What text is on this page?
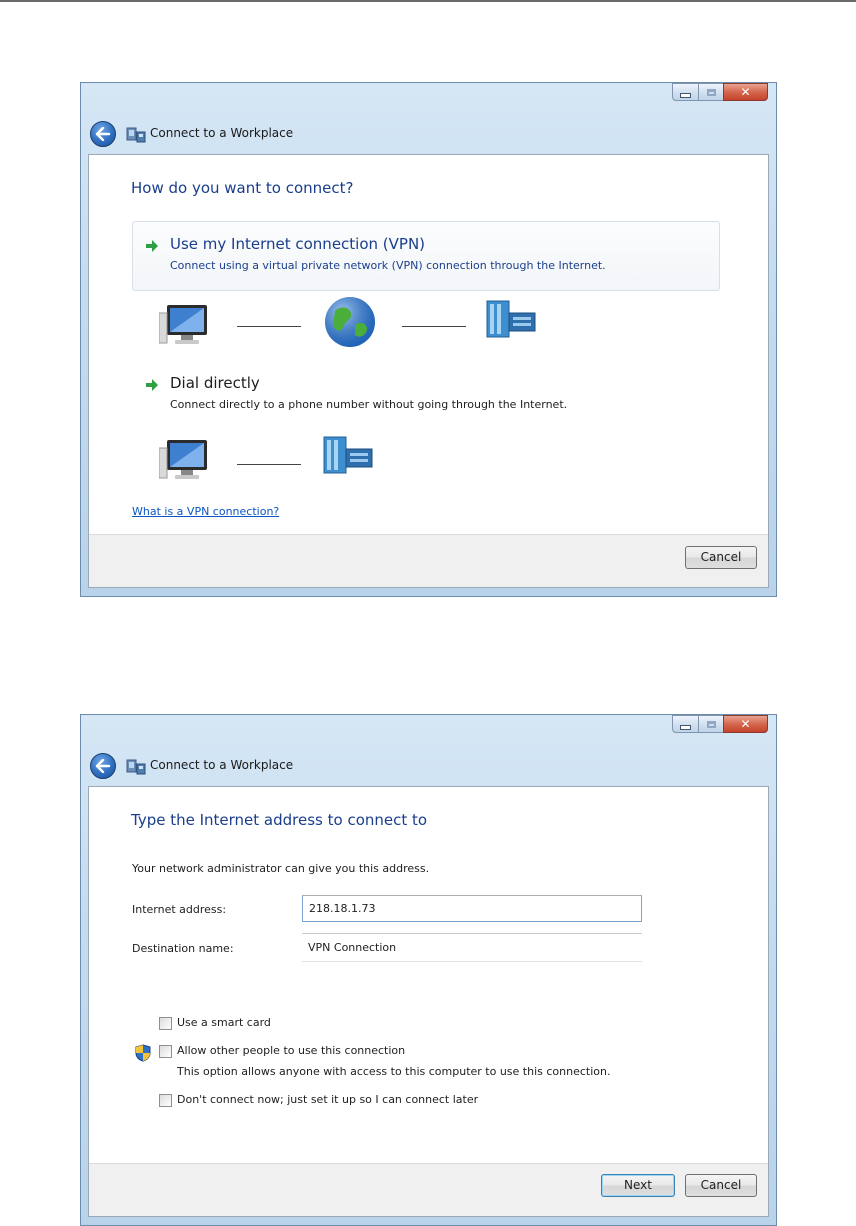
✕
Connect to a Workplace
How do you want to connect?
Use my Internet connection (VPN)
Connect using a virtual private network (VPN) connection through the Internet.
Dial directly
Connect directly to a phone number without going through the Internet.
What is a VPN connection?
Cancel
✕
Connect to a Workplace
Type the Internet address to connect to
Your network administrator can give you this address.
Internet address:
218.18.1.73
Destination name:
VPN Connection
Use a smart card
Allow other people to use this connection
This option allows anyone with access to this computer to use this connection.
Don't connect now; just set it up so I can connect later
Next	Cancel
